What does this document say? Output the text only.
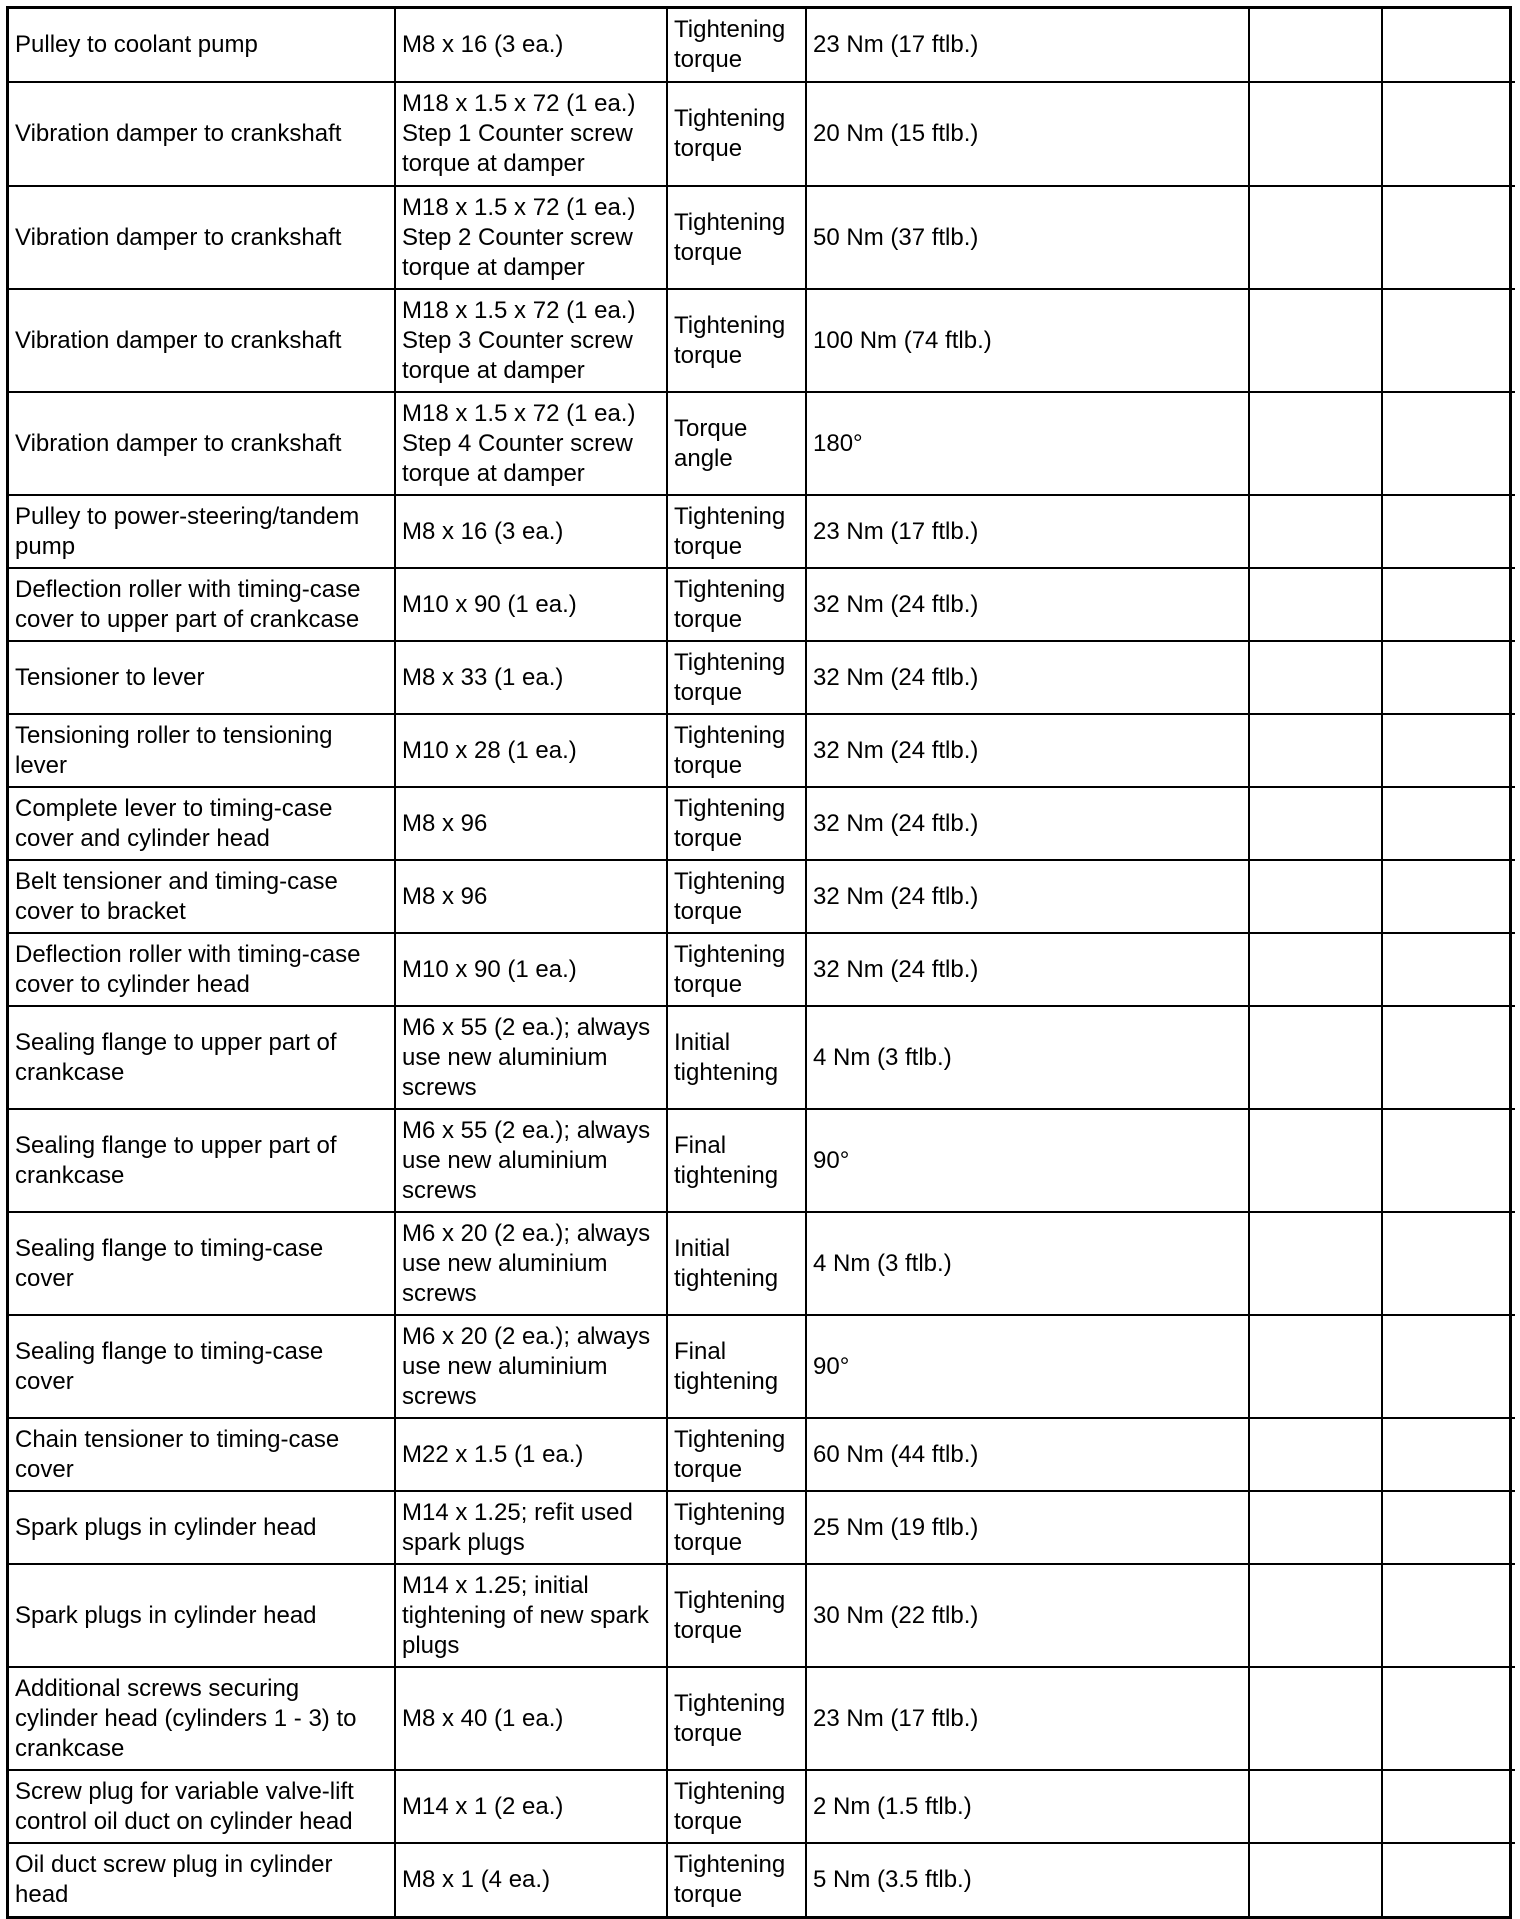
Pulley to coolant pump	M8 x 16 (3 ea.)	Tightening
torque	23 Nm (17 ftlb.)		

Vibration damper to crankshaft	M18 x 1.5 x 72 (1 ea.)
Step 1 Counter screw
torque at damper	Tightening
torque	20 Nm (15 ftlb.)		

Vibration damper to crankshaft	M18 x 1.5 x 72 (1 ea.)
Step 2 Counter screw
torque at damper	Tightening
torque	50 Nm (37 ftlb.)		

Vibration damper to crankshaft	M18 x 1.5 x 72 (1 ea.)
Step 3 Counter screw
torque at damper	Tightening
torque	100 Nm (74 ftlb.)		

Vibration damper to crankshaft	M18 x 1.5 x 72 (1 ea.)
Step 4 Counter screw
torque at damper	Torque
angle	180°		

Pulley to power-steering/tandem
pump	M8 x 16 (3 ea.)	Tightening
torque	23 Nm (17 ftlb.)		

Deflection roller with timing-case
cover to upper part of crankcase	M10 x 90 (1 ea.)	Tightening
torque	32 Nm (24 ftlb.)		

Tensioner to lever	M8 x 33 (1 ea.)	Tightening
torque	32 Nm (24 ftlb.)		

Tensioning roller to tensioning
lever	M10 x 28 (1 ea.)	Tightening
torque	32 Nm (24 ftlb.)		

Complete lever to timing-case
cover and cylinder head	M8 x 96	Tightening
torque	32 Nm (24 ftlb.)		

Belt tensioner and timing-case
cover to bracket	M8 x 96	Tightening
torque	32 Nm (24 ftlb.)		

Deflection roller with timing-case
cover to cylinder head	M10 x 90 (1 ea.)	Tightening
torque	32 Nm (24 ftlb.)		

Sealing flange to upper part of
crankcase	M6 x 55 (2 ea.); always
use new aluminium
screws	Initial
tightening	4 Nm (3 ftlb.)		

Sealing flange to upper part of
crankcase	M6 x 55 (2 ea.); always
use new aluminium
screws	Final
tightening	90°		

Sealing flange to timing-case
cover	M6 x 20 (2 ea.); always
use new aluminium
screws	Initial
tightening	4 Nm (3 ftlb.)		

Sealing flange to timing-case
cover	M6 x 20 (2 ea.); always
use new aluminium
screws	Final
tightening	90°		

Chain tensioner to timing-case
cover	M22 x 1.5 (1 ea.)	Tightening
torque	60 Nm (44 ftlb.)		

Spark plugs in cylinder head	M14 x 1.25; refit used
spark plugs	Tightening
torque	25 Nm (19 ftlb.)		

Spark plugs in cylinder head	M14 x 1.25; initial
tightening of new spark
plugs	Tightening
torque	30 Nm (22 ftlb.)		

Additional screws securing
cylinder head (cylinders 1 - 3) to
crankcase	M8 x 40 (1 ea.)	Tightening
torque	23 Nm (17 ftlb.)		

Screw plug for variable valve-lift
control oil duct on cylinder head	M14 x 1 (2 ea.)	Tightening
torque	2 Nm (1.5 ftlb.)		

Oil duct screw plug in cylinder
head	M8 x 1 (4 ea.)	Tightening
torque	5 Nm (3.5 ftlb.)		
